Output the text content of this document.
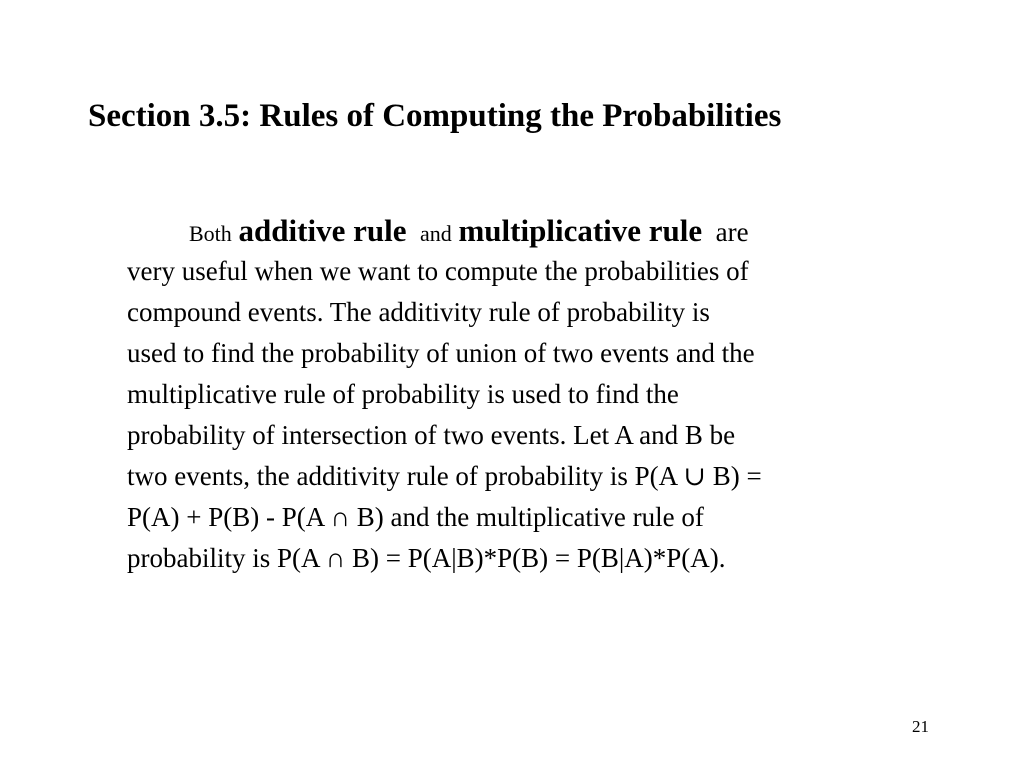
Section 3.5: Rules of Computing the Probabilities
Both additive rule and multiplicative rule are
very useful when we want to compute the probabilities of
compound events. The additivity rule of probability is
used to find the probability of union of two events and the
multiplicative rule of probability is used to find the
probability of intersection of two events. Let A and B be
two events, the additivity rule of probability is P(A ∪ B) =
P(A) + P(B) - P(A ∩ B) and the multiplicative rule of
probability is P(A ∩ B) = P(A|B)*P(B) = P(B|A)*P(A).
21
